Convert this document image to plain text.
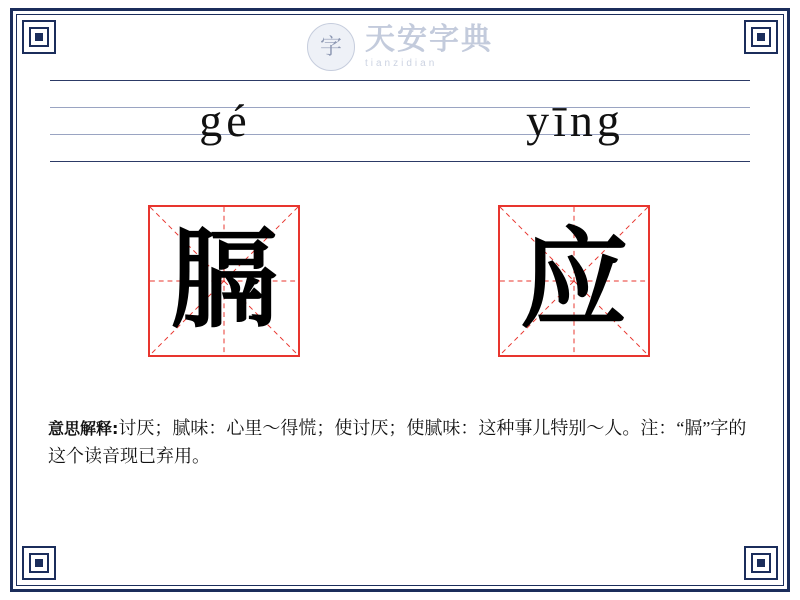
字 天安字典
tianzidian
gé	yīng
膈 应
意思解释:讨厌；腻味：心里～得慌；使讨厌；使腻味：这种事儿特别～人。注：“膈”字的这个读音现已弃用。
